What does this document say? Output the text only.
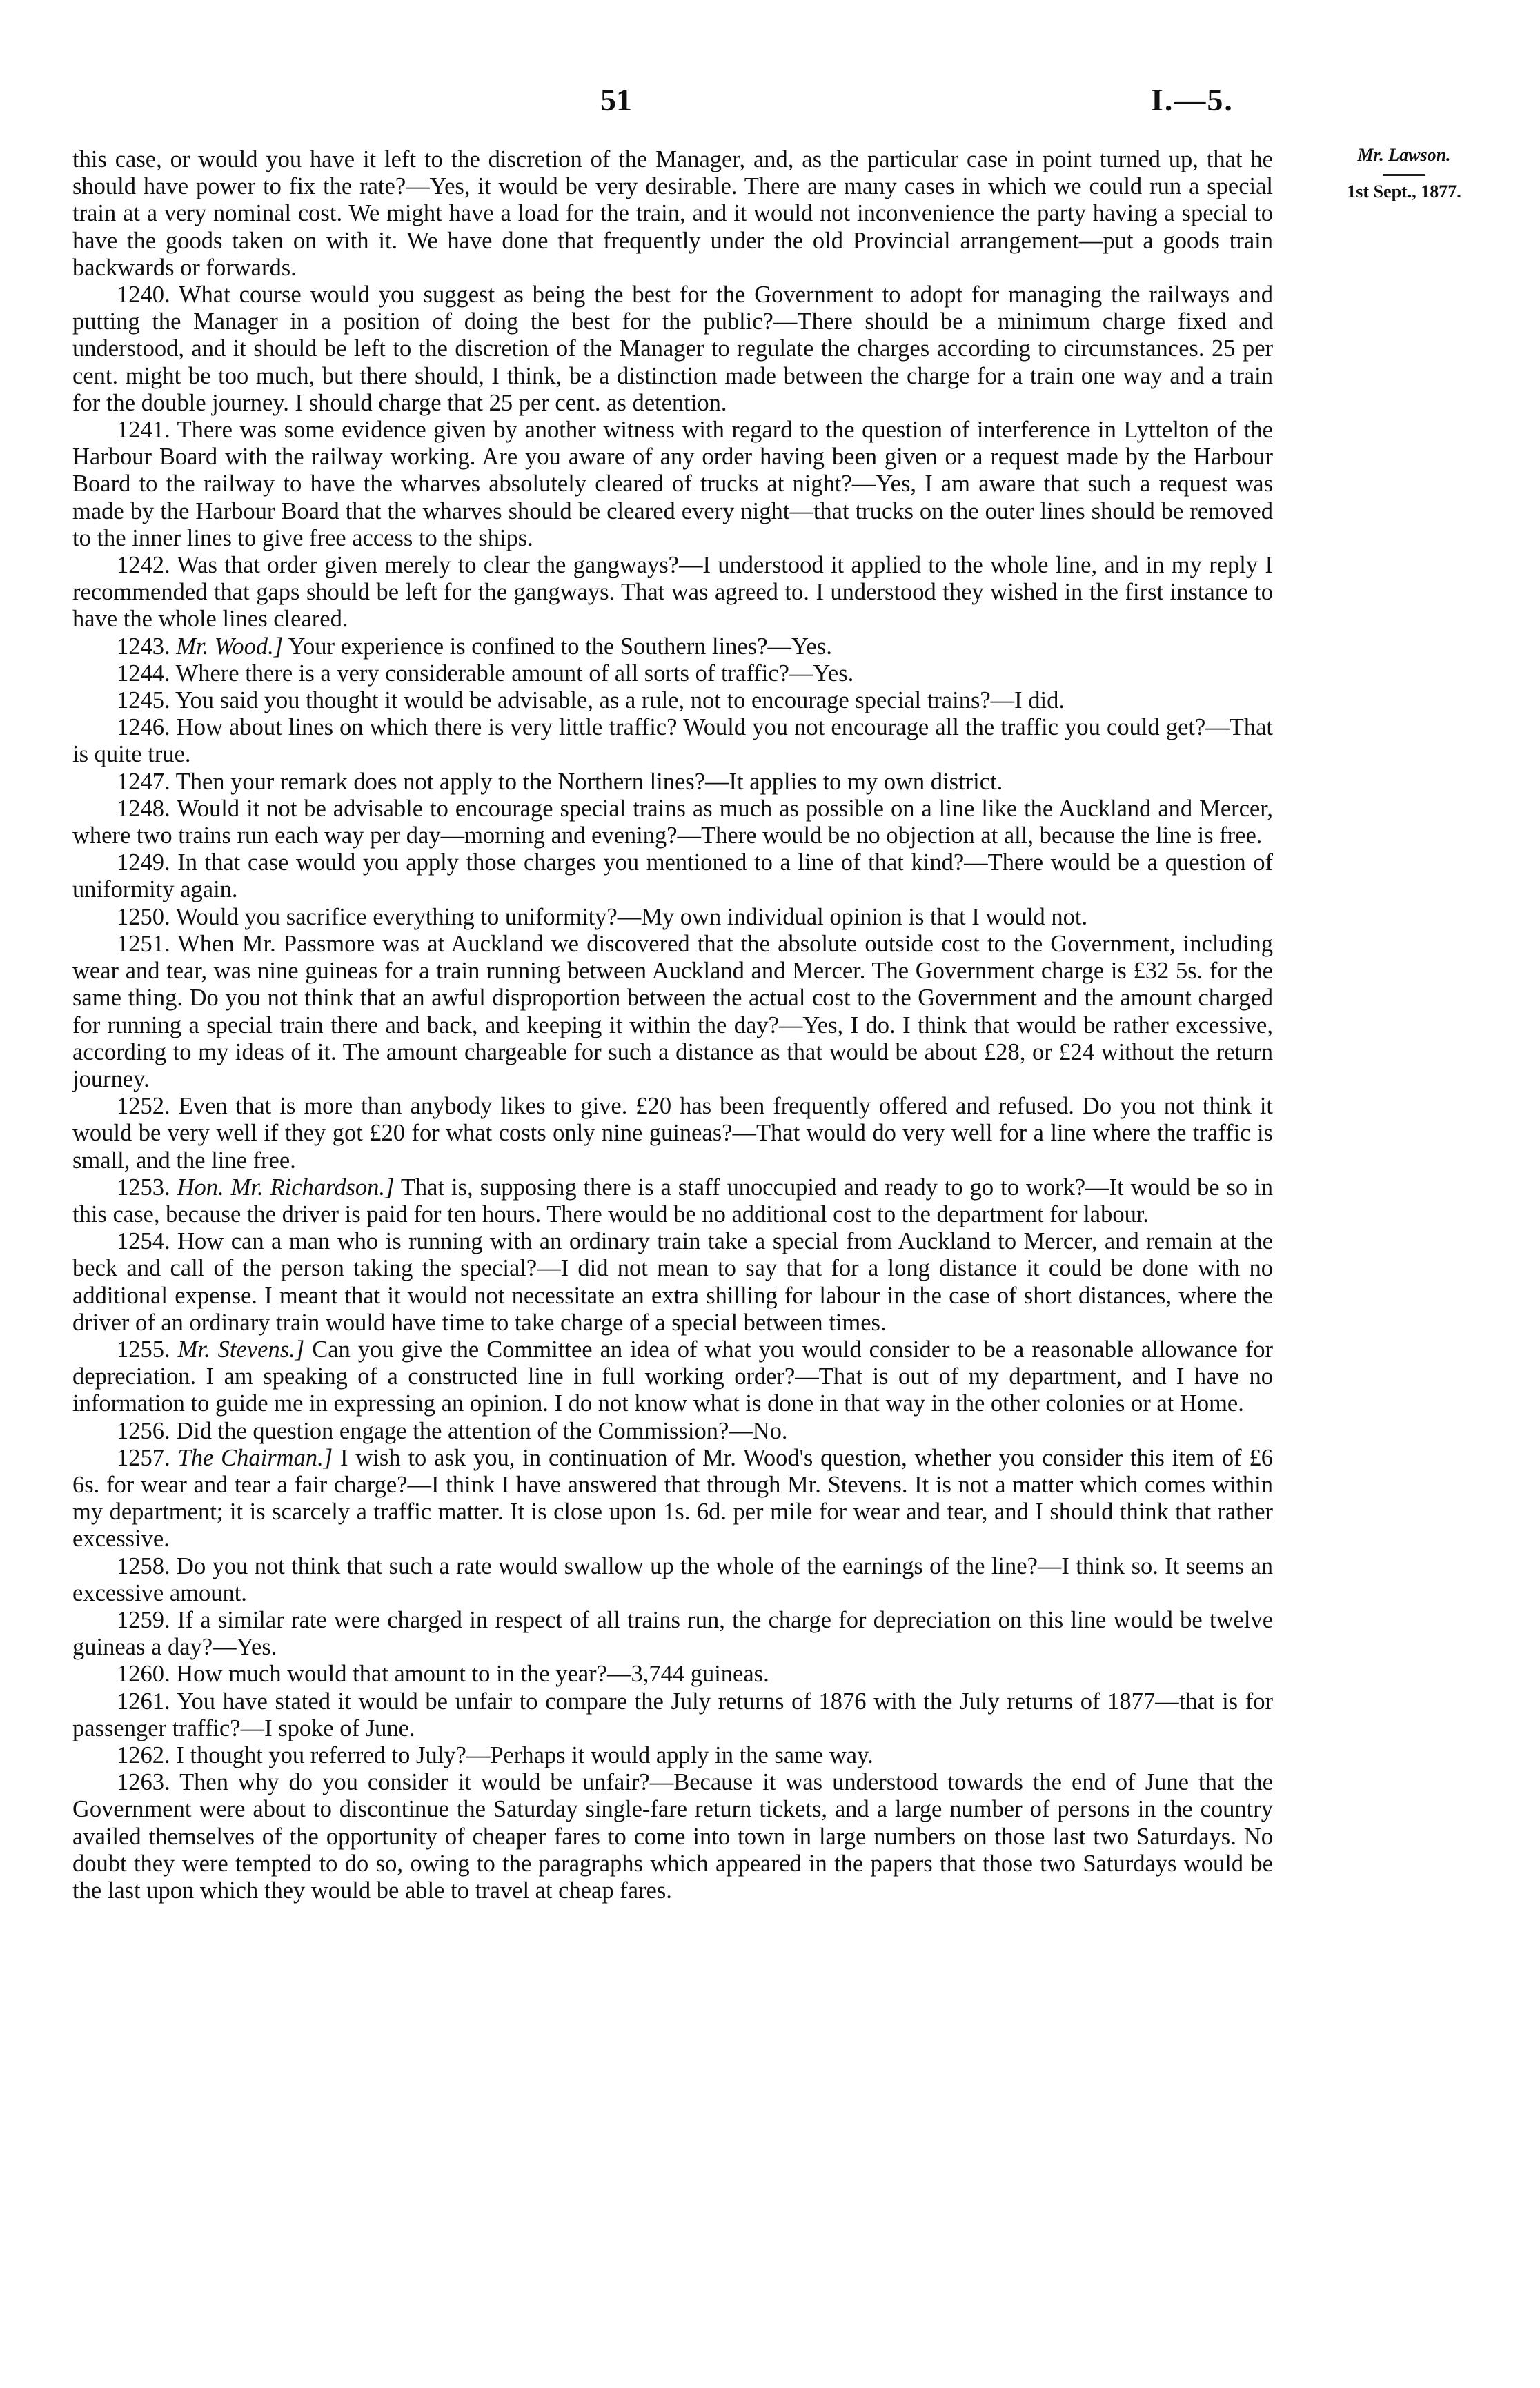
51	I.—5.
Mr. Lawson.
1st Sept., 1877.

this case, or would you have it left to the discretion of the Manager, and, as the particular case in point turned up, that he should have power to fix the rate?—Yes, it would be very desirable. There are many cases in which we could run a special train at a very nominal cost. We might have a load for the train, and it would not inconvenience the party having a special to have the goods taken on with it. We have done that frequently under the old Provincial arrangement—put a goods train backwards or forwards.

1240. What course would you suggest as being the best for the Government to adopt for managing the railways and putting the Manager in a position of doing the best for the public?—There should be a minimum charge fixed and understood, and it should be left to the discretion of the Manager to regulate the charges according to circumstances. 25 per cent. might be too much, but there should, I think, be a distinction made between the charge for a train one way and a train for the double journey. I should charge that 25 per cent. as detention.

1241. There was some evidence given by another witness with regard to the question of interference in Lyttelton of the Harbour Board with the railway working. Are you aware of any order having been given or a request made by the Harbour Board to the railway to have the wharves absolutely cleared of trucks at night?—Yes, I am aware that such a request was made by the Harbour Board that the wharves should be cleared every night—that trucks on the outer lines should be removed to the inner lines to give free access to the ships.

1242. Was that order given merely to clear the gangways?—I understood it applied to the whole line, and in my reply I recommended that gaps should be left for the gangways. That was agreed to. I understood they wished in the first instance to have the whole lines cleared.

1243. Mr. Wood.] Your experience is confined to the Southern lines?—Yes.

1244. Where there is a very considerable amount of all sorts of traffic?—Yes.

1245. You said you thought it would be advisable, as a rule, not to encourage special trains?—I did.

1246. How about lines on which there is very little traffic? Would you not encourage all the traffic you could get?—That is quite true.

1247. Then your remark does not apply to the Northern lines?—It applies to my own district.

1248. Would it not be advisable to encourage special trains as much as possible on a line like the Auckland and Mercer, where two trains run each way per day—morning and evening?—There would be no objection at all, because the line is free.

1249. In that case would you apply those charges you mentioned to a line of that kind?—There would be a question of uniformity again.

1250. Would you sacrifice everything to uniformity?—My own individual opinion is that I would not.

1251. When Mr. Passmore was at Auckland we discovered that the absolute outside cost to the Government, including wear and tear, was nine guineas for a train running between Auckland and Mercer. The Government charge is £32 5s. for the same thing. Do you not think that an awful disproportion between the actual cost to the Government and the amount charged for running a special train there and back, and keeping it within the day?—Yes, I do. I think that would be rather excessive, according to my ideas of it. The amount chargeable for such a distance as that would be about £28, or £24 without the return journey.

1252. Even that is more than anybody likes to give. £20 has been frequently offered and refused. Do you not think it would be very well if they got £20 for what costs only nine guineas?—That would do very well for a line where the traffic is small, and the line free.

1253. Hon. Mr. Richardson.] That is, supposing there is a staff unoccupied and ready to go to work?—It would be so in this case, because the driver is paid for ten hours. There would be no additional cost to the department for labour.

1254. How can a man who is running with an ordinary train take a special from Auckland to Mercer, and remain at the beck and call of the person taking the special?—I did not mean to say that for a long distance it could be done with no additional expense. I meant that it would not necessitate an extra shilling for labour in the case of short distances, where the driver of an ordinary train would have time to take charge of a special between times.

1255. Mr. Stevens.] Can you give the Committee an idea of what you would consider to be a reasonable allowance for depreciation. I am speaking of a constructed line in full working order?—That is out of my department, and I have no information to guide me in expressing an opinion. I do not know what is done in that way in the other colonies or at Home.

1256. Did the question engage the attention of the Commission?—No.

1257. The Chairman.] I wish to ask you, in continuation of Mr. Wood's question, whether you consider this item of £6 6s. for wear and tear a fair charge?—I think I have answered that through Mr. Stevens. It is not a matter which comes within my department; it is scarcely a traffic matter. It is close upon 1s. 6d. per mile for wear and tear, and I should think that rather excessive.

1258. Do you not think that such a rate would swallow up the whole of the earnings of the line?—I think so. It seems an excessive amount.

1259. If a similar rate were charged in respect of all trains run, the charge for depreciation on this line would be twelve guineas a day?—Yes.

1260. How much would that amount to in the year?—3,744 guineas.

1261. You have stated it would be unfair to compare the July returns of 1876 with the July returns of 1877—that is for passenger traffic?—I spoke of June.

1262. I thought you referred to July?—Perhaps it would apply in the same way.

1263. Then why do you consider it would be unfair?—Because it was understood towards the end of June that the Government were about to discontinue the Saturday single-fare return tickets, and a large number of persons in the country availed themselves of the opportunity of cheaper fares to come into town in large numbers on those last two Saturdays. No doubt they were tempted to do so, owing to the paragraphs which appeared in the papers that those two Saturdays would be the last upon which they would be able to travel at cheap fares.
